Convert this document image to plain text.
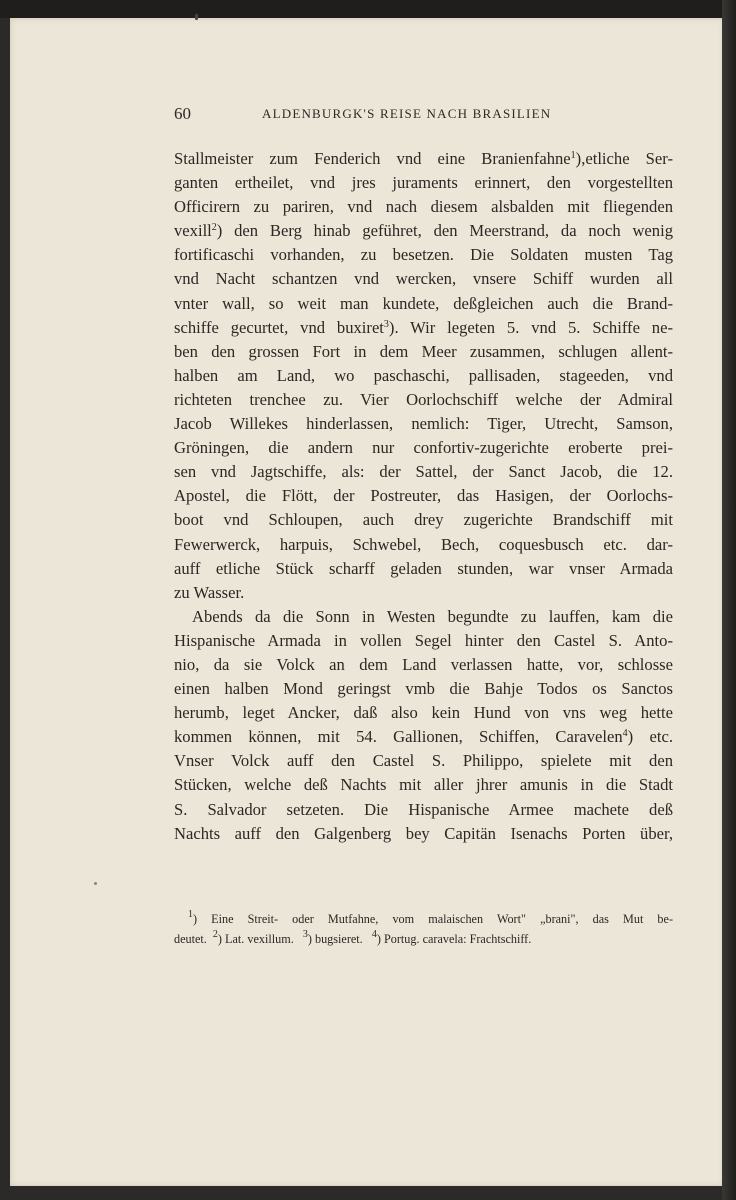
60	ALDENBURGK'S REISE NACH BRASILIEN
Stallmeister zum Fenderich vnd eine Branienfahne$^1$),etliche Ser-
ganten ertheilet, vnd jres juraments erinnert, den vorgestellten
Officirern zu pariren, vnd nach diesem alsbalden mit fliegenden
vexill$^2$) den Berg hinab geführet, den Meerstrand, da noch wenig
fortificaschi vorhanden, zu besetzen. Die Soldaten musten Tag
vnd Nacht schantzen vnd wercken, vnsere Schiff wurden all
vnter wall, so weit man kundete, deßgleichen auch die Brand-
schiffe gecurtet, vnd buxiret$^3$). Wir legeten 5. vnd 5. Schiffe ne-
ben den grossen Fort in dem Meer zusammen, schlugen allent-
halben am Land, wo paschaschi, pallisaden, stageeden, vnd
richteten trenchee zu. Vier Oorlochschiff welche der Admiral
Jacob Willekes hinderlassen, nemlich: Tiger, Utrecht, Samson,
Gröningen, die andern nur confortiv-zugerichte eroberte prei-
sen vnd Jagtschiffe, als: der Sattel, der Sanct Jacob, die 12.
Apostel, die Flött, der Postreuter, das Hasigen, der Oorlochs-
boot vnd Schloupen, auch drey zugerichte Brandschiff mit
Fewerwerck, harpuis, Schwebel, Bech, coquesbusch etc. dar-
auff etliche Stück scharff geladen stunden, war vnser Armada
zu Wasser.
Abends da die Sonn in Westen begundte zu lauffen, kam die
Hispanische Armada in vollen Segel hinter den Castel S. Anto-
nio, da sie Volck an dem Land verlassen hatte, vor, schlosse
einen halben Mond geringst vmb die Bahje Todos os Sanctos
herumb, leget Ancker, daß also kein Hund von vns weg hette
kommen können, mit 54. Gallionen, Schiffen, Caravelen$^4$) etc.
Vnser Volck auff den Castel S. Philippo, spielete mit den
Stücken, welche deß Nachts mit aller jhrer amunis in die Stadt
S. Salvador setzeten. Die Hispanische Armee machete deß
Nachts auff den Galgenberg bey Capitän Isenachs Porten über,
$^1$) Eine Streit- oder Mutfahne, vom malaischen Wort" „brani", das Mut be-
deutet. $^2$) Lat. vexillum. $^3$) bugsieret. $^4$) Portug. caravela: Frachtschiff.
